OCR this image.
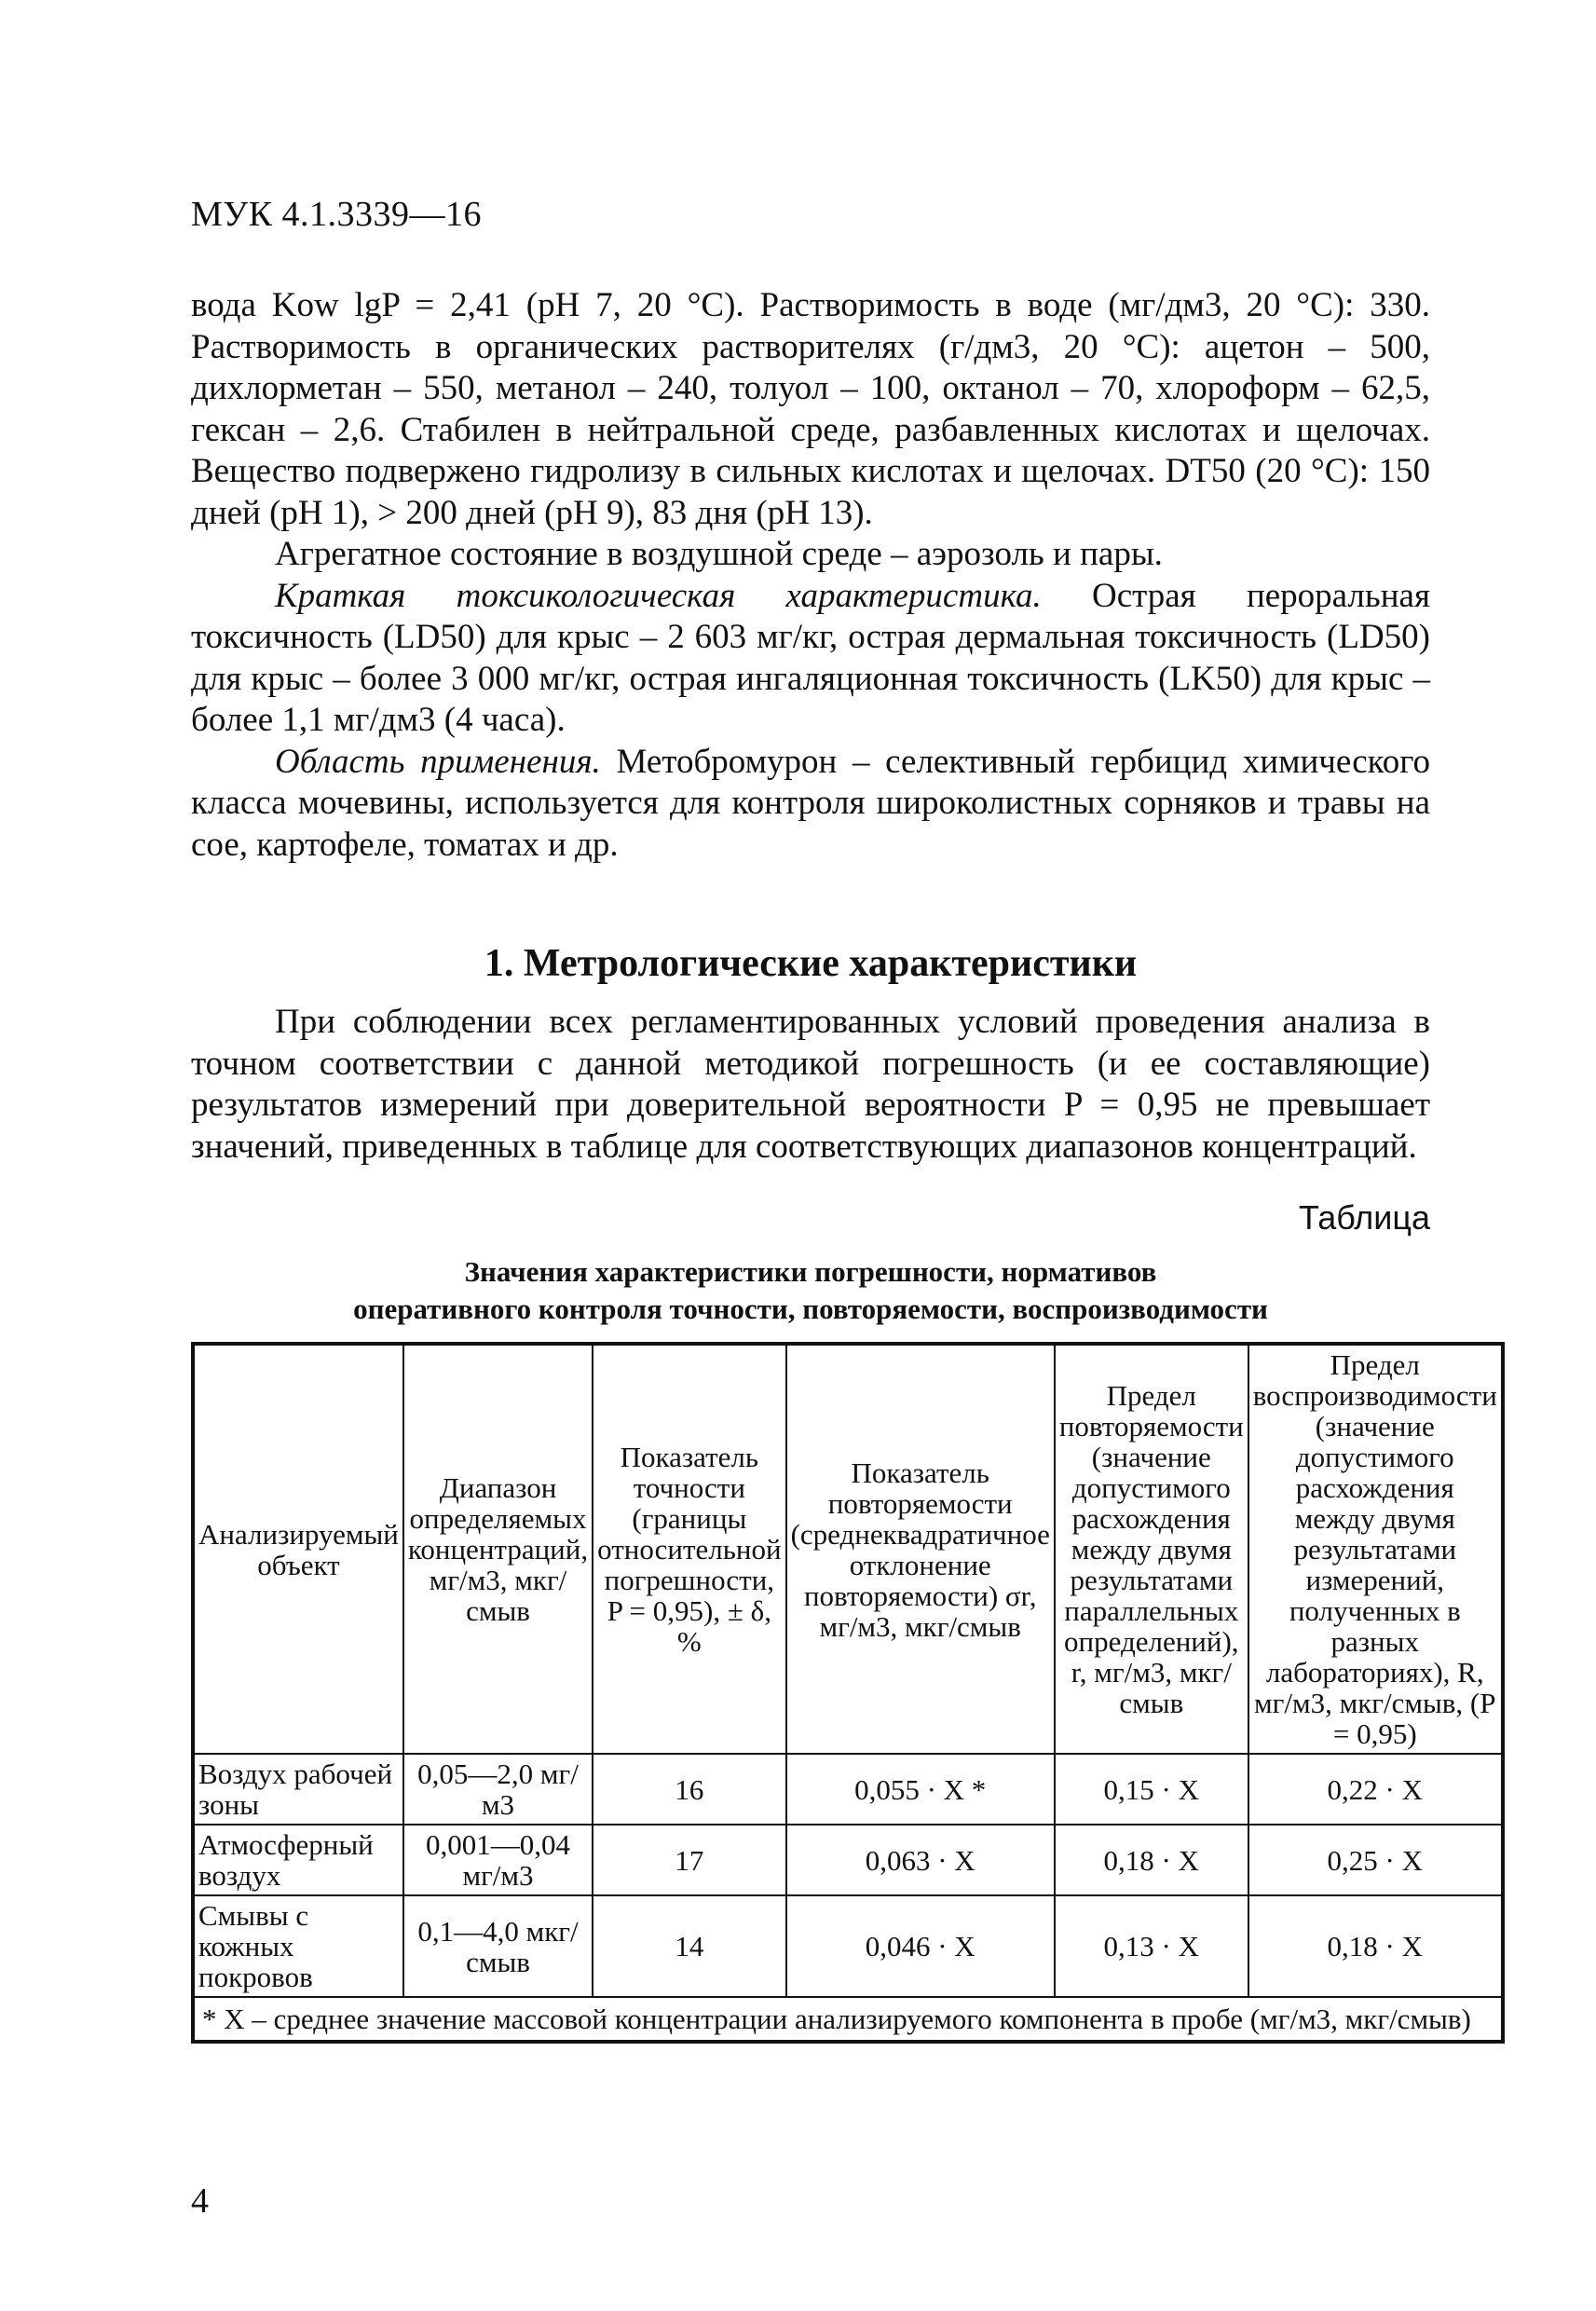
МУК 4.1.3339—16

вода Kow lgP = 2,41 (pH 7, 20 °C). Растворимость в воде (мг/дм3, 20 °C): 330. Растворимость в органических растворителях (г/дм3, 20 °C): ацетон – 500, дихлорметан – 550, метанол – 240, толуол – 100, октанол – 70, хлороформ – 62,5, гексан – 2,6. Стабилен в нейтральной среде, разбавленных кислотах и щелочах. Вещество подвержено гидролизу в сильных кислотах и щелочах. DT50 (20 °C): 150 дней (pH 1), > 200 дней (pH 9), 83 дня (pH 13).

Агрегатное состояние в воздушной среде – аэрозоль и пары.

Краткая токсикологическая характеристика. Острая пероральная токсичность (LD50) для крыс – 2 603 мг/кг, острая дермальная токсичность (LD50) для крыс – более 3 000 мг/кг, острая ингаляционная токсичность (LK50) для крыс – более 1,1 мг/дм3 (4 часа).

Область применения. Метобромурон – селективный гербицид химического класса мочевины, используется для контроля широколистных сорняков и травы на сое, картофеле, томатах и др.

1. Метрологические характеристики

При соблюдении всех регламентированных условий проведения анализа в точном соответствии с данной методикой погрешность (и ее составляющие) результатов измерений при доверительной вероятности P = 0,95 не превышает значений, приведенных в таблице для соответствующих диапазонов концентраций.

Таблица
Значения характеристики погрешности, нормативов
оперативного контроля точности, повторяемости, воспроизводимости
Анализируемый объект	Диапазон определяемых концентраций, мг/м3, мкг/смыв	Показатель точности (границы относительной погрешности, P = 0,95), ± δ, %	Показатель повторяемости (среднеквадратичное отклонение повторяемости) σr, мг/м3, мкг/смыв	Предел повторяемости (значение допустимого расхождения между двумя результатами параллельных определений), r, мг/м3, мкг/смыв	Предел воспроизводимости (значение допустимого расхождения между двумя результатами измерений, полученных в разных лабораториях), R, мг/м3, мкг/смыв, (P = 0,95)
Воздух рабочей зоны	0,05—2,0 мг/м3	16	0,055 · X *	0,15 · X	0,22 · X
Атмосферный воздух	0,001—0,04 мг/м3	17	0,063 · X	0,18 · X	0,25 · X
Смывы с кожных покровов	0,1—4,0 мкг/смыв	14	0,046 · X	0,13 · X	0,18 · X
* X – среднее значение массовой концентрации анализируемого компонента в пробе (мг/м3, мкг/смыв)					
4
